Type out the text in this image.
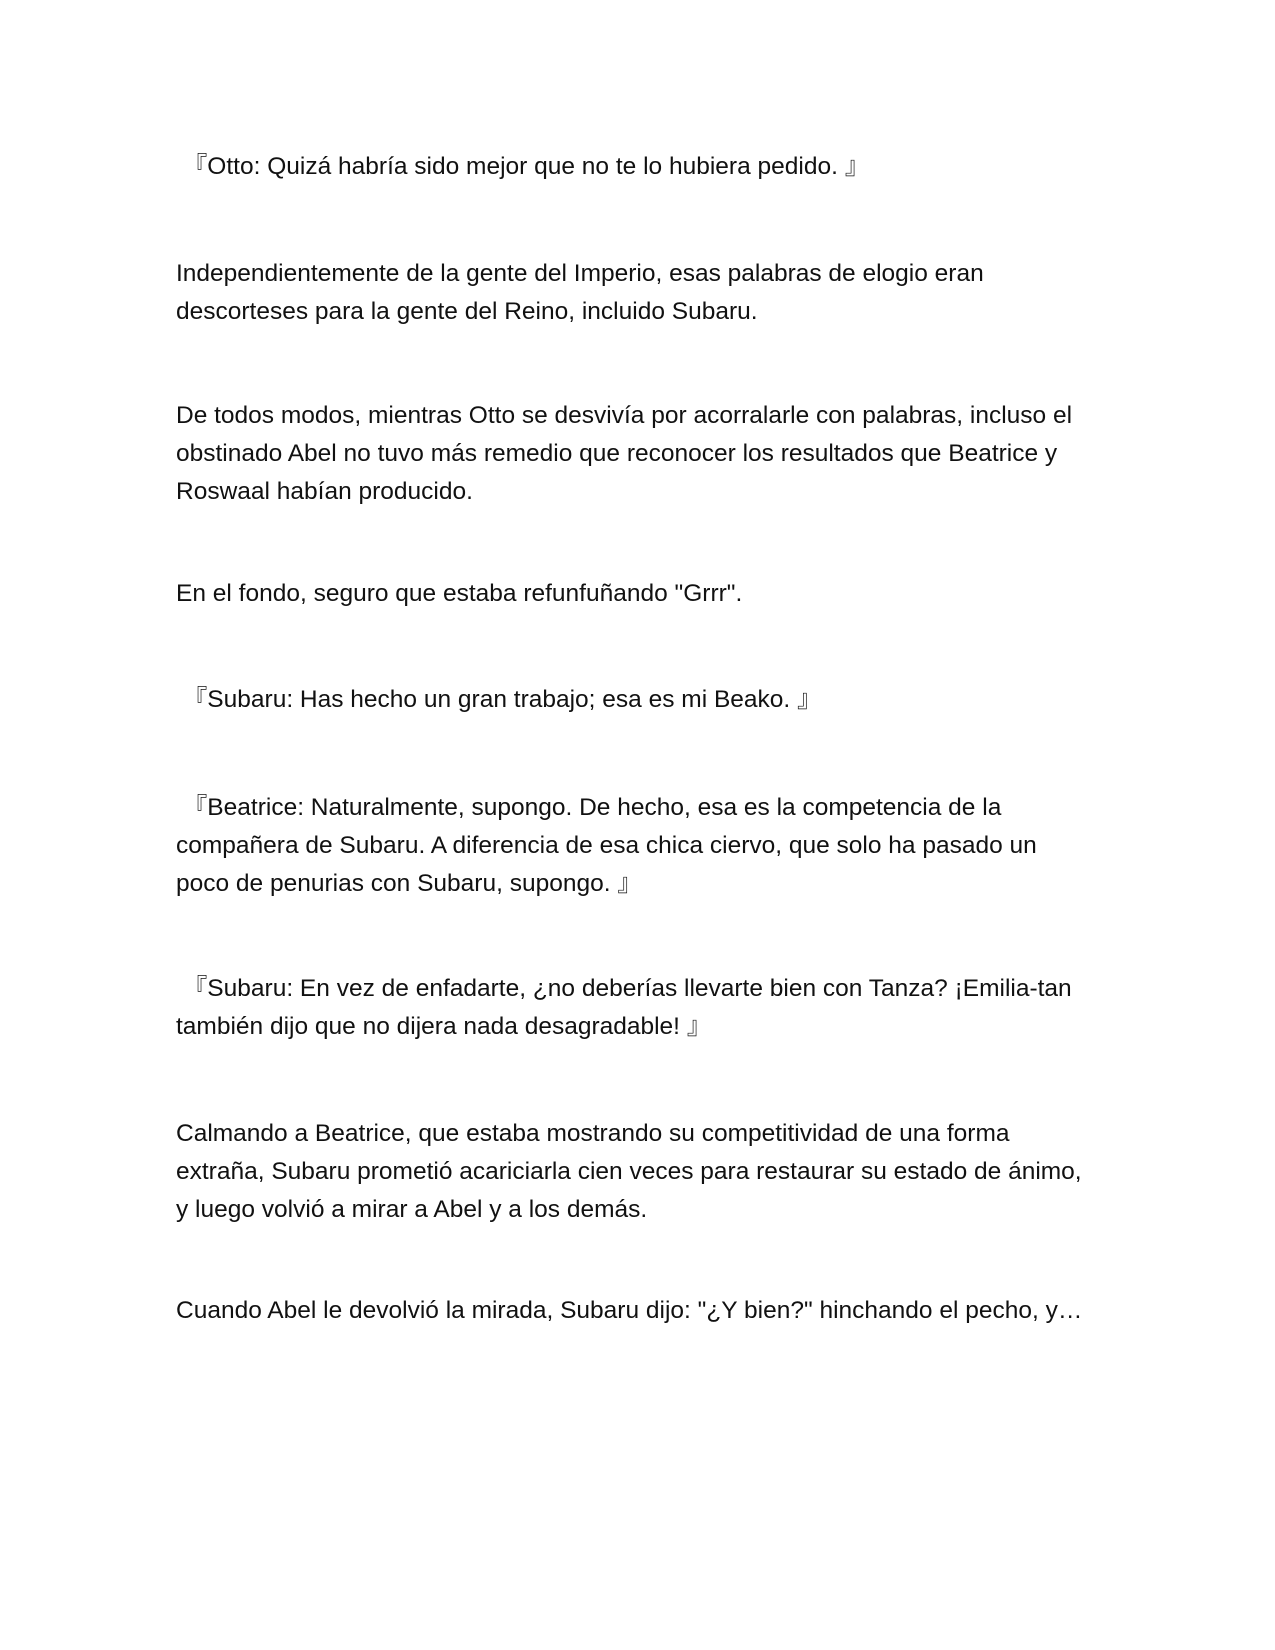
『Otto: Quizá habría sido mejor que no te lo hubiera pedido. 』

Independientemente de la gente del Imperio, esas palabras de elogio eran descorteses para la gente del Reino, incluido Subaru.

De todos modos, mientras Otto se desvivía por acorralarle con palabras, incluso el obstinado Abel no tuvo más remedio que reconocer los resultados que Beatrice y Roswaal habían producido.

En el fondo, seguro que estaba refunfuñando "Grrr".

『Subaru: Has hecho un gran trabajo; esa es mi Beako. 』

『Beatrice: Naturalmente, supongo. De hecho, esa es la competencia de la compañera de Subaru. A diferencia de esa chica ciervo, que solo ha pasado un poco de penurias con Subaru, supongo. 』

『Subaru: En vez de enfadarte, ¿no deberías llevarte bien con Tanza? ¡Emilia-tan también dijo que no dijera nada desagradable! 』

Calmando a Beatrice, que estaba mostrando su competitividad de una forma extraña, Subaru prometió acariciarla cien veces para restaurar su estado de ánimo, y luego volvió a mirar a Abel y a los demás.

Cuando Abel le devolvió la mirada, Subaru dijo: "¿Y bien?" hinchando el pecho, y…
